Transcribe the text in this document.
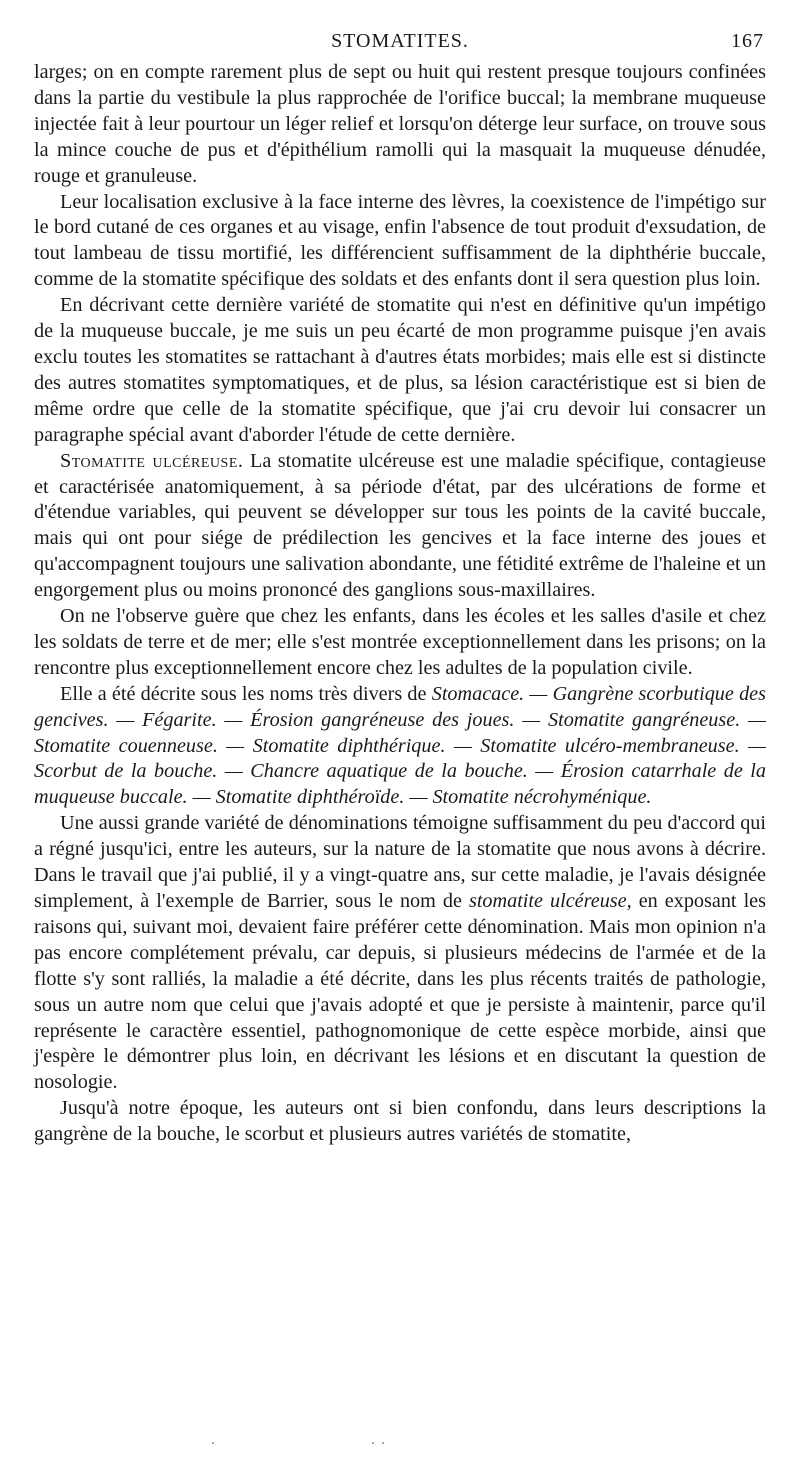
STOMATITES.	167

larges; on en compte rarement plus de sept ou huit qui restent presque toujours confinées dans la partie du vestibule la plus rapprochée de l'orifice buccal; la membrane muqueuse injectée fait à leur pourtour un léger relief et lorsqu'on déterge leur surface, on trouve sous la mince couche de pus et d'épithélium ramolli qui la masquait la muqueuse dénudée, rouge et granuleuse.

Leur localisation exclusive à la face interne des lèvres, la coexistence de l'impétigo sur le bord cutané de ces organes et au visage, enfin l'absence de tout produit d'exsudation, de tout lambeau de tissu mortifié, les différencient suffisamment de la diphthérie buccale, comme de la stomatite spécifique des soldats et des enfants dont il sera question plus loin.

En décrivant cette dernière variété de stomatite qui n'est en définitive qu'un impétigo de la muqueuse buccale, je me suis un peu écarté de mon programme puisque j'en avais exclu toutes les stomatites se rattachant à d'autres états morbides; mais elle est si distincte des autres stomatites symptomatiques, et de plus, sa lésion caractéristique est si bien de même ordre que celle de la stomatite spécifique, que j'ai cru devoir lui consacrer un paragraphe spécial avant d'aborder l'étude de cette dernière.

Stomatite ulcéreuse. La stomatite ulcéreuse est une maladie spécifique, contagieuse et caractérisée anatomiquement, à sa période d'état, par des ulcérations de forme et d'étendue variables, qui peuvent se développer sur tous les points de la cavité buccale, mais qui ont pour siége de prédilection les gencives et la face interne des joues et qu'accompagnent toujours une salivation abondante, une fétidité extrême de l'haleine et un engorgement plus ou moins prononcé des ganglions sous-maxillaires.

On ne l'observe guère que chez les enfants, dans les écoles et les salles d'asile et chez les soldats de terre et de mer; elle s'est montrée exceptionnellement dans les prisons; on la rencontre plus exceptionnellement encore chez les adultes de la population civile.

Elle a été décrite sous les noms très divers de Stomacace. — Gangrène scorbutique des gencives. — Fégarite. — Érosion gangréneuse des joues. — Stomatite gangréneuse. — Stomatite couenneuse. — Stomatite diphthérique. — Stomatite ulcéro-membraneuse. — Scorbut de la bouche. — Chancre aquatique de la bouche. — Érosion catarrhale de la muqueuse buccale. — Stomatite diphthéroïde. — Stomatite nécrohyménique.

Une aussi grande variété de dénominations témoigne suffisamment du peu d'accord qui a régné jusqu'ici, entre les auteurs, sur la nature de la stomatite que nous avons à décrire. Dans le travail que j'ai publié, il y a vingt-quatre ans, sur cette maladie, je l'avais désignée simplement, à l'exemple de Barrier, sous le nom de stomatite ulcéreuse, en exposant les raisons qui, suivant moi, devaient faire préférer cette dénomination. Mais mon opinion n'a pas encore complétement prévalu, car depuis, si plusieurs médecins de l'armée et de la flotte s'y sont ralliés, la maladie a été décrite, dans les plus récents traités de pathologie, sous un autre nom que celui que j'avais adopté et que je persiste à maintenir, parce qu'il représente le caractère essentiel, pathognomonique de cette espèce morbide, ainsi que j'espère le démontrer plus loin, en décrivant les lésions et en discutant la question de nosologie.

Jusqu'à notre époque, les auteurs ont si bien confondu, dans leurs descriptions la gangrène de la bouche, le scorbut et plusieurs autres variétés de stomatite,
